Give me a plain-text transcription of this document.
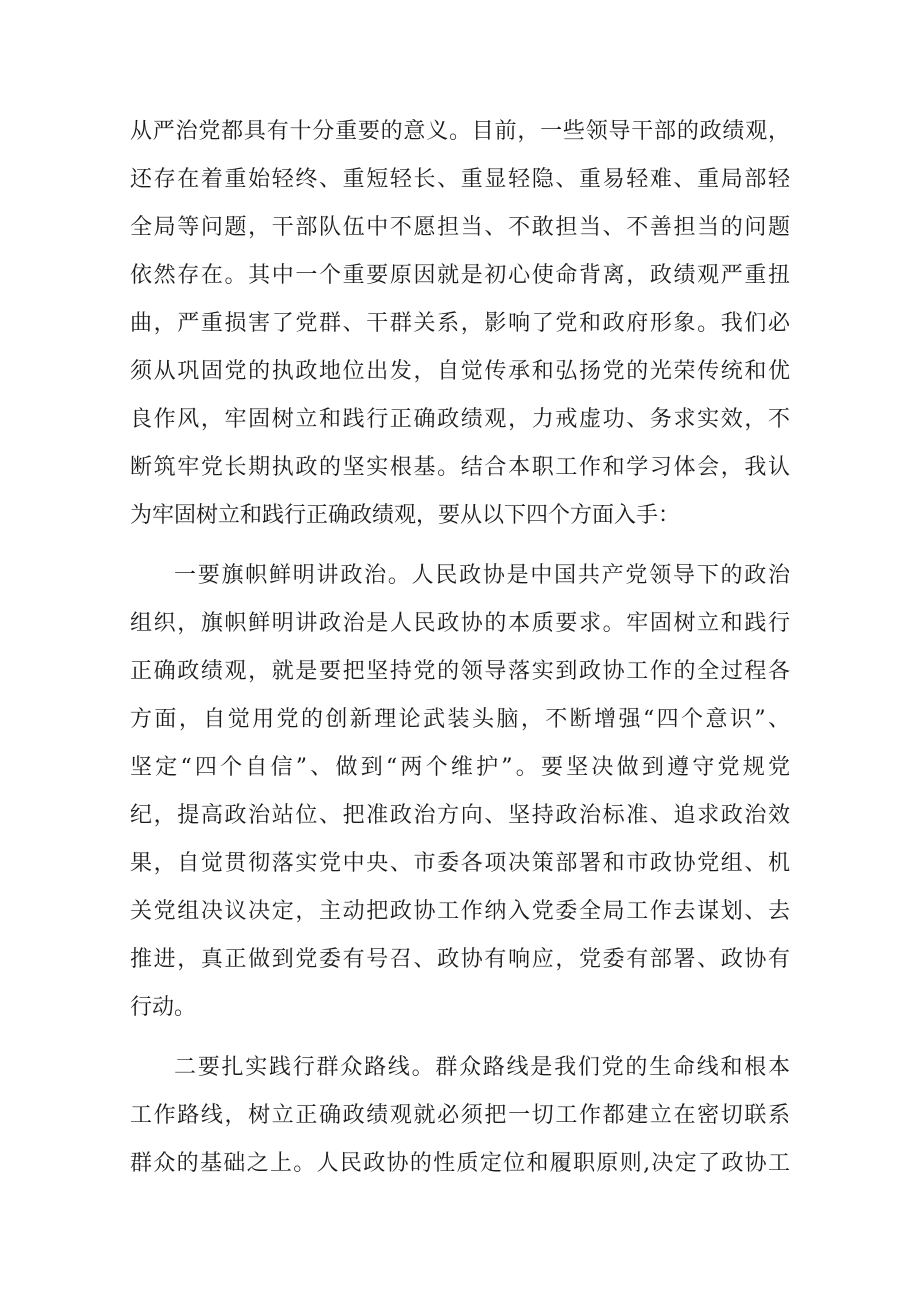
从严治党都具有十分重要的意义。目前，一些领导干部的政绩观，
还存在着重始轻终、重短轻长、重显轻隐、重易轻难、重局部轻
全局等问题，干部队伍中不愿担当、不敢担当、不善担当的问题
依然存在。其中一个重要原因就是初心使命背离，政绩观严重扭
曲，严重损害了党群、干群关系，影响了党和政府形象。我们必
须从巩固党的执政地位出发，自觉传承和弘扬党的光荣传统和优
良作风，牢固树立和践行正确政绩观，力戒虚功、务求实效，不
断筑牢党长期执政的坚实根基。结合本职工作和学习体会，我认
为牢固树立和践行正确政绩观，要从以下四个方面入手：
一要旗帜鲜明讲政治。人民政协是中国共产党领导下的政治
组织，旗帜鲜明讲政治是人民政协的本质要求。牢固树立和践行
正确政绩观，就是要把坚持党的领导落实到政协工作的全过程各
方面，自觉用党的创新理论武装头脑，不断增强“四个意识”、
坚定“四个自信”、做到“两个维护”。要坚决做到遵守党规党
纪，提高政治站位、把准政治方向、坚持政治标准、追求政治效
果，自觉贯彻落实党中央、市委各项决策部署和市政协党组、机
关党组决议决定，主动把政协工作纳入党委全局工作去谋划、去
推进，真正做到党委有号召、政协有响应，党委有部署、政协有
行动。
二要扎实践行群众路线。群众路线是我们党的生命线和根本
工作路线，树立正确政绩观就必须把一切工作都建立在密切联系
群众的基础之上。人民政协的性质定位和履职原则,决定了政协工
